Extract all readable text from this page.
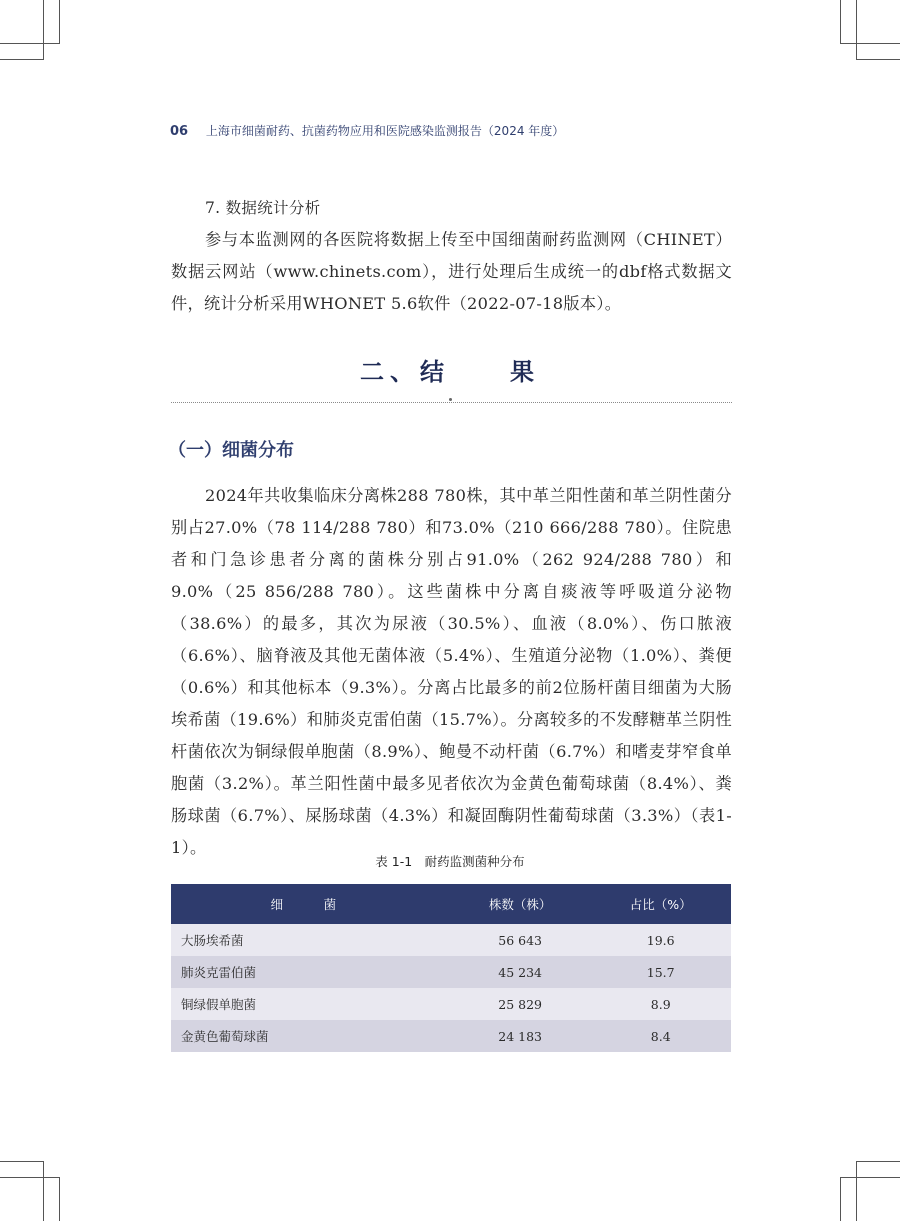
06 上海市细菌耐药、抗菌药物应用和医院感染监测报告（2024 年度）

7. 数据统计分析

参与本监测网的各医院将数据上传至中国细菌耐药监测网（CHINET）数据云网站（www.chinets.com），进行处理后生成统一的dbf格式数据文件，统计分析采用WHONET 5.6软件（2022-07-18版本）。

二、结　　果
（一）细菌分布

2024年共收集临床分离株288 780株，其中革兰阳性菌和革兰阴性菌分别占27.0%（78 114/288 780）和73.0%（210 666/288 780）。住院患者和门急诊患者分离的菌株分别占91.0%（262 924/288 780）和9.0%（25 856/288 780）。这些菌株中分离自痰液等呼吸道分泌物（38.6%）的最多，其次为尿液（30.5%）、血液（8.0%）、伤口脓液（6.6%）、脑脊液及其他无菌体液（5.4%）、生殖道分泌物（1.0%）、粪便（0.6%）和其他标本（9.3%）。分离占比最多的前2位肠杆菌目细菌为大肠埃希菌（19.6%）和肺炎克雷伯菌（15.7%）。分离较多的不发酵糖革兰阴性杆菌依次为铜绿假单胞菌（8.9%）、鲍曼不动杆菌（6.7%）和嗜麦芽窄食单胞菌（3.2%）。革兰阳性菌中最多见者依次为金黄色葡萄球菌（8.4%）、粪肠球菌（6.7%）、屎肠球菌（4.3%）和凝固酶阴性葡萄球菌（3.3%）（表1-1）。

表 1-1　耐药监测菌种分布
细　菌	株数（株）	占比（%）
大肠埃希菌	56 643	19.6
肺炎克雷伯菌	45 234	15.7
铜绿假单胞菌	25 829	8.9
金黄色葡萄球菌	24 183	8.4
